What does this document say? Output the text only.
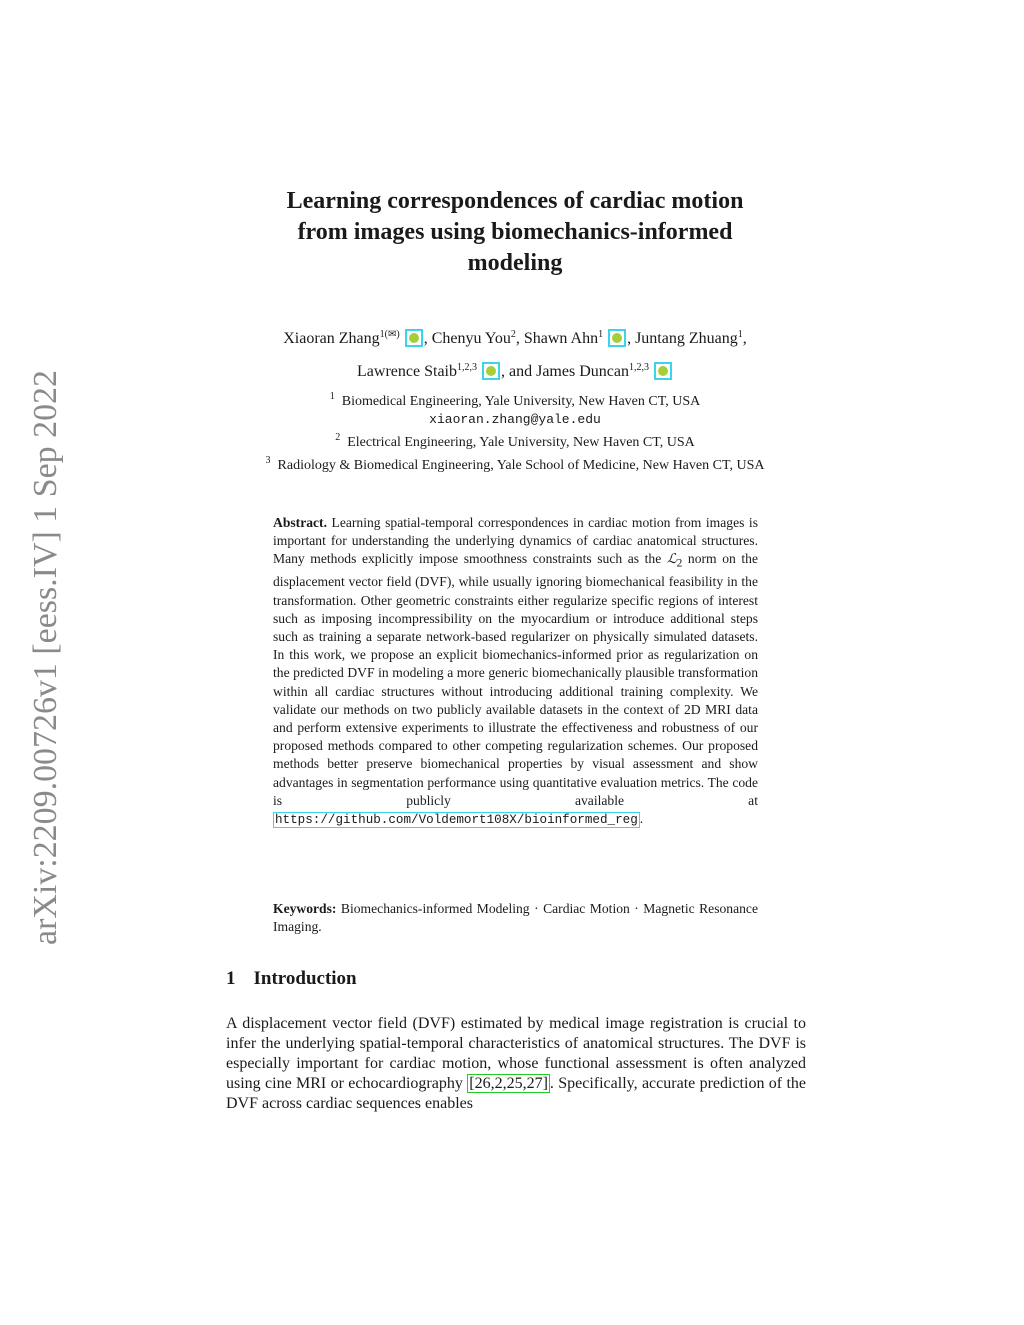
arXiv:2209.00726v1 [eess.IV] 1 Sep 2022
Learning correspondences of cardiac motion
from images using biomechanics-informed
modeling
Xiaoran Zhang$^{1(✉)}$ , Chenyu You$^2$, Shawn Ahn$^1$ , Juntang Zhuang$^1$,
Lawrence Staib$^{1,2,3}$ , and James Duncan$^{1,2,3}$
$^1$ Biomedical Engineering, Yale University, New Haven CT, USA
xiaoran.zhang@yale.edu
$^2$ Electrical Engineering, Yale University, New Haven CT, USA
$^3$ Radiology & Biomedical Engineering, Yale School of Medicine, New Haven CT, USA
Abstract. Learning spatial-temporal correspondences in cardiac motion from images is important for understanding the underlying dynamics of cardiac anatomical structures. Many methods explicitly impose smoothness constraints such as the ℒ$_2$ norm on the displacement vector field (DVF), while usually ignoring biomechanical feasibility in the transformation. Other geometric constraints either regularize specific regions of interest such as imposing incompressibility on the myocardium or introduce additional steps such as training a separate network-based regularizer on physically simulated datasets. In this work, we propose an explicit biomechanics-informed prior as regularization on the predicted DVF in modeling a more generic biomechanically plausible transformation within all cardiac structures without introducing additional training complexity. We validate our methods on two publicly available datasets in the context of 2D MRI data and perform extensive experiments to illustrate the effectiveness and robustness of our proposed methods compared to other competing regularization schemes. Our proposed methods better preserve biomechanical properties by visual assessment and show advantages in segmentation performance using quantitative evaluation metrics. The code is publicly available at https://github.com/Voldemort108X/bioinformed_reg .
Keywords: Biomechanics-informed Modeling · Cardiac Motion · Magnetic Resonance Imaging.
1 Introduction
A displacement vector field (DVF) estimated by medical image registration is crucial to infer the underlying spatial-temporal characteristics of anatomical structures. The DVF is especially important for cardiac motion, whose functional assessment is often analyzed using cine MRI or echocardiography [26,2,25,27] . Specifically, accurate prediction of the DVF across cardiac sequences enables
